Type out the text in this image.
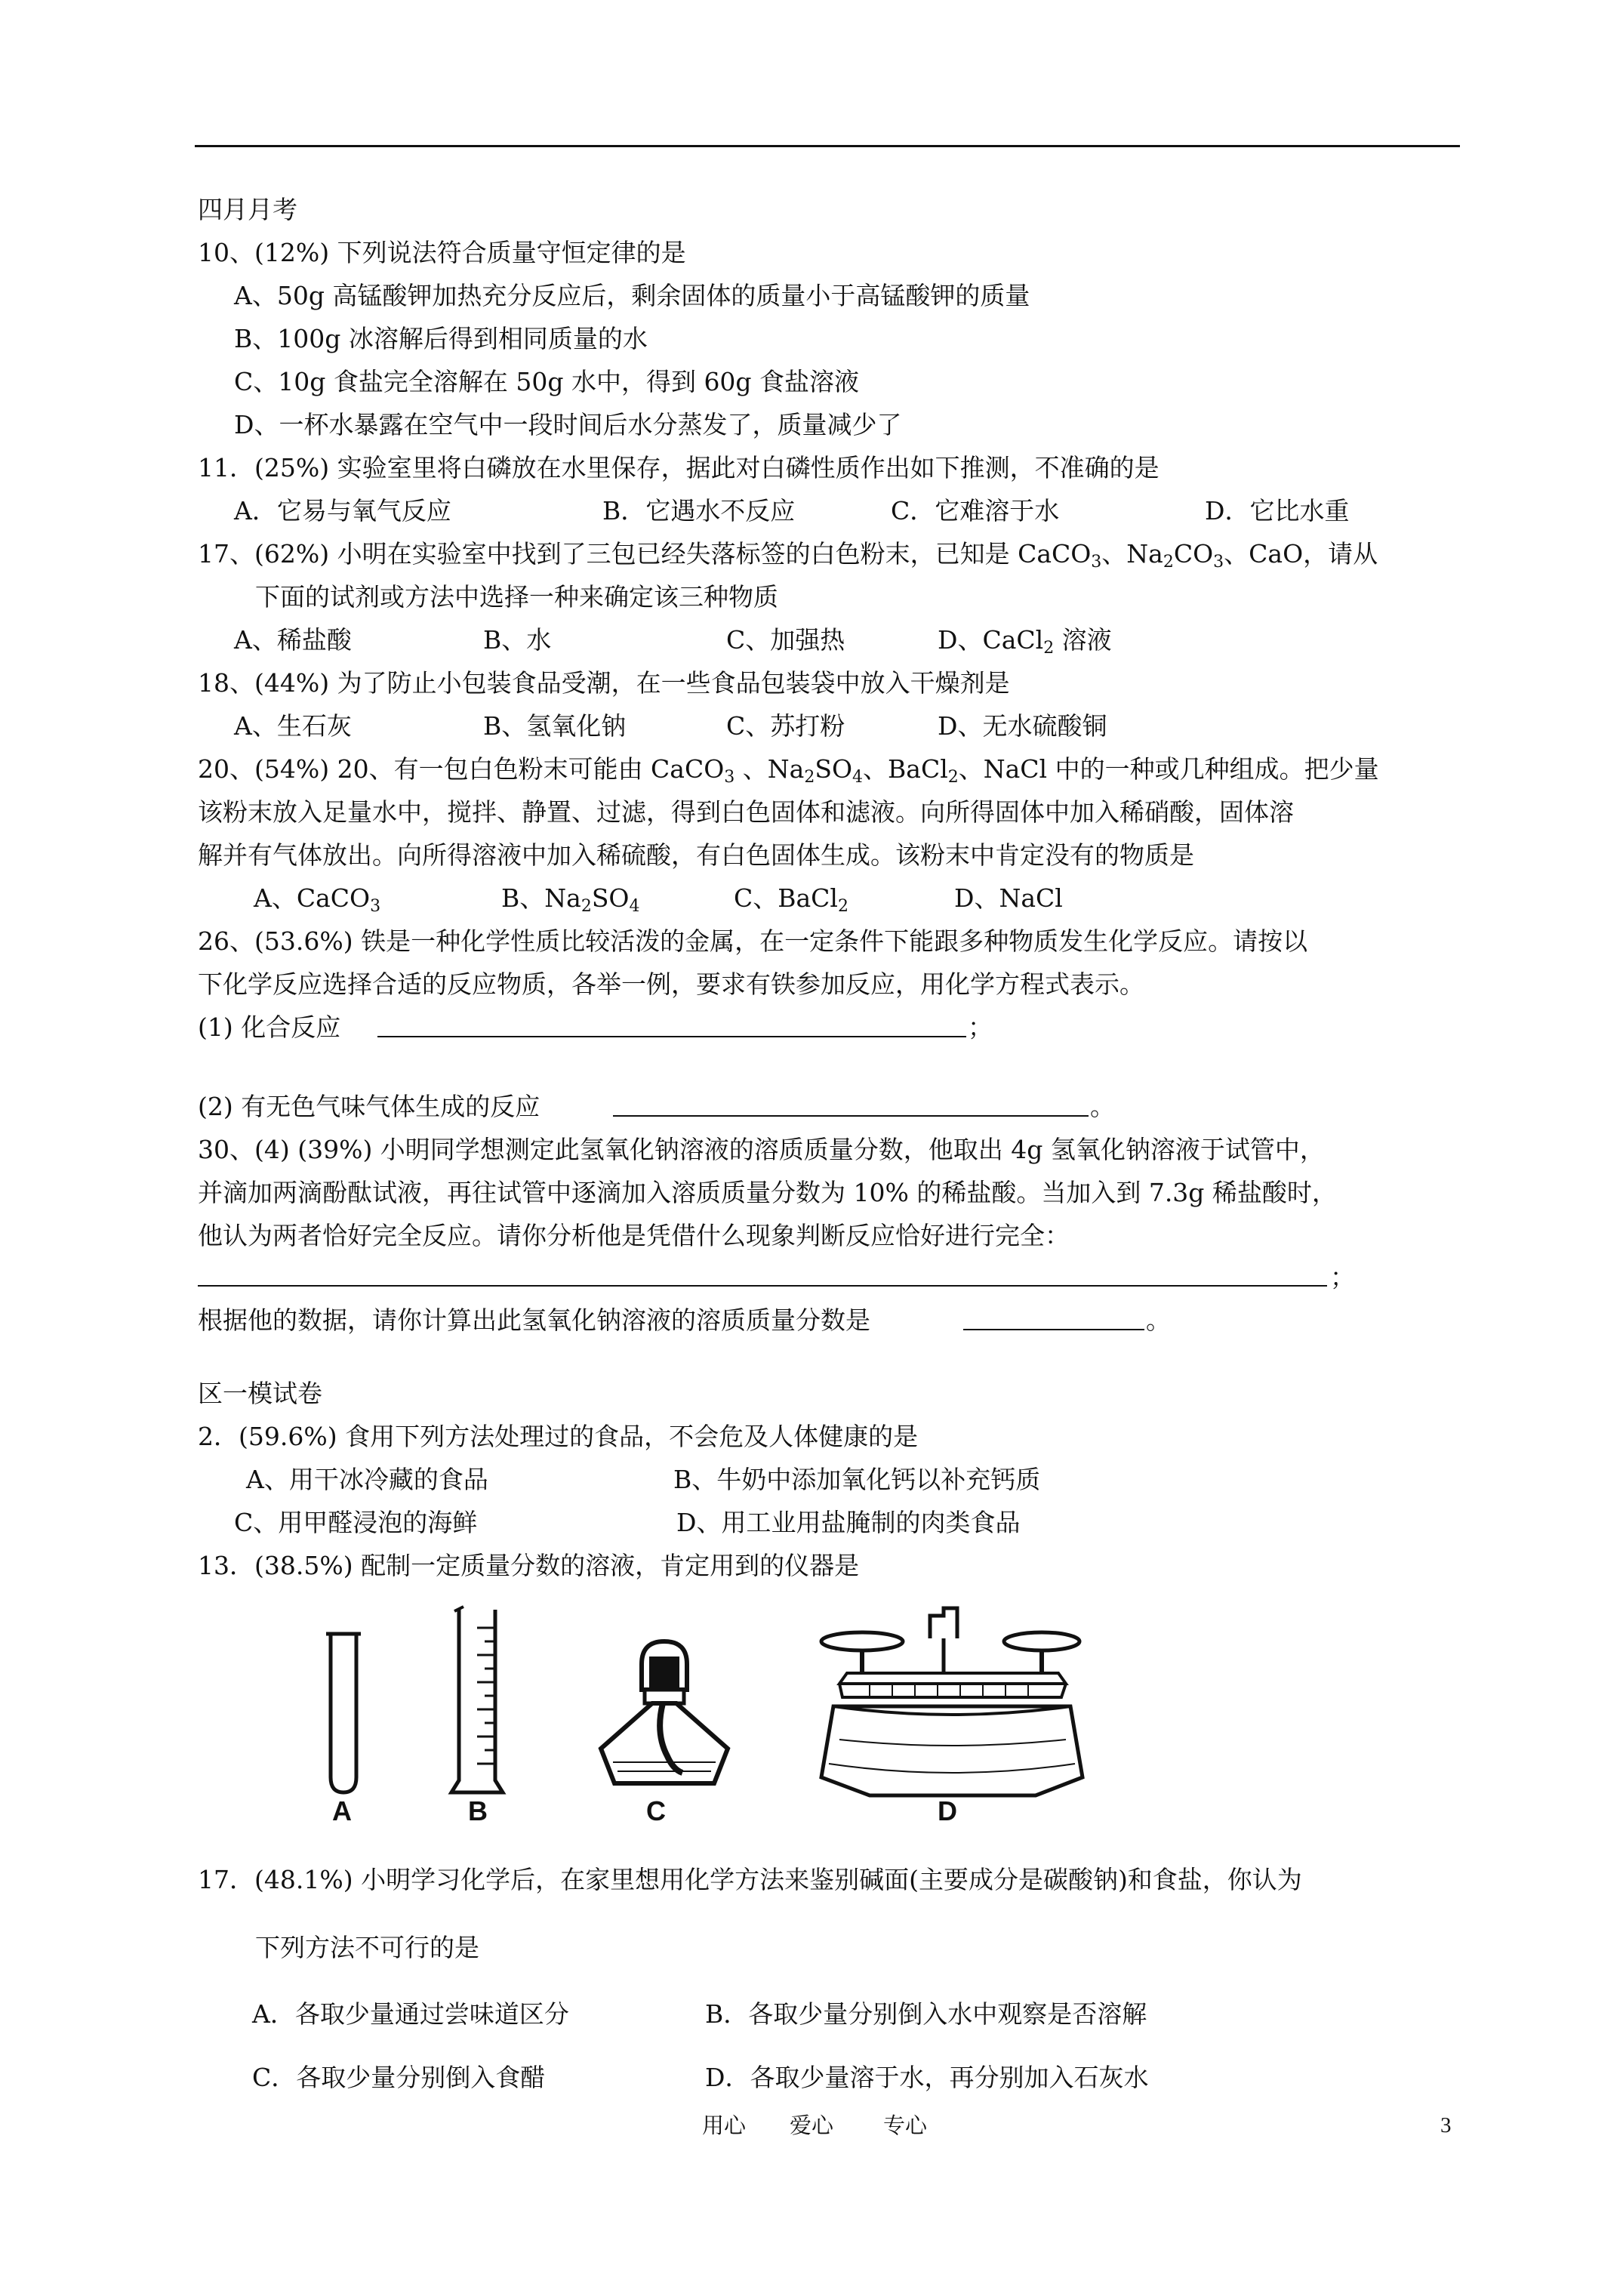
四月月考
10、(12%) 下列说法符合质量守恒定律的是
A、50g 高锰酸钾加热充分反应后，剩余固体的质量小于高锰酸钾的质量
B、100g 冰溶解后得到相同质量的水
C、10g 食盐完全溶解在 50g 水中，得到 60g 食盐溶液
D、一杯水暴露在空气中一段时间后水分蒸发了，质量减少了
11．(25%) 实验室里将白磷放在水里保存，据此对白磷性质作出如下推测，不准确的是
A．它易与氧气反应	B．它遇水不反应	C．它难溶于水	D．它比水重
17、(62%) 小明在实验室中找到了三包已经失落标签的白色粉末，已知是 CaCO$_3$、$Na_2CO_3$、CaO，请从
下面的试剂或方法中选择一种来确定该三种物质
A、稀盐酸	B、水	C、加强热	D、CaCl$_2$ 溶液
18、(44%) 为了防止小包装食品受潮，在一些食品包装袋中放入干燥剂是
A、生石灰	B、氢氧化钠	C、苏打粉	D、无水硫酸铜
20、(54%) 20、有一包白色粉末可能由 CaCO$_3$ 、$Na_2SO_4$、BaCl$_2$、NaCl 中的一种或几种组成。把少量
该粉末放入足量水中，搅拌、静置、过滤，得到白色固体和滤液。向所得固体中加入稀硝酸，固体溶
解并有气体放出。向所得溶液中加入稀硫酸，有白色固体生成。该粉末中肯定没有的物质是
A、CaCO$_3$	B、$Na_2SO_4$	C、BaCl$_2$	D、NaCl
26、(53.6%) 铁是一种化学性质比较活泼的金属，在一定条件下能跟多种物质发生化学反应。请按以
下化学反应选择合适的反应物质，各举一例，要求有铁参加反应，用化学方程式表示。
(1) 化合反应	；
(2) 有无色气味气体生成的反应	。
30、(4) (39%) 小明同学想测定此氢氧化钠溶液的溶质质量分数，他取出 4g 氢氧化钠溶液于试管中，
并滴加两滴酚酞试液，再往试管中逐滴加入溶质质量分数为 10% 的稀盐酸。当加入到 7.3g 稀盐酸时，
他认为两者恰好完全反应。请你分析他是凭借什么现象判断反应恰好进行完全：
；
根据他的数据，请你计算出此氢氧化钠溶液的溶质质量分数是	。
区一模试卷
2．(59.6%) 食用下列方法处理过的食品，不会危及人体健康的是
A、用干冰冷藏的食品	B、牛奶中添加氧化钙以补充钙质
C、用甲醛浸泡的海鲜	D、用工业用盐腌制的肉类食品
13．(38.5%) 配制一定质量分数的溶液，肯定用到的仪器是
A	B	C	D
17．(48.1%) 小明学习化学后，在家里想用化学方法来鉴别碱面(主要成分是碳酸钠)和食盐，你认为
下列方法不可行的是
A．各取少量通过尝味道区分	B．各取少量分别倒入水中观察是否溶解
C．各取少量分别倒入食醋	D．各取少量溶于水，再分别加入石灰水
用心 爱心 专心	3
